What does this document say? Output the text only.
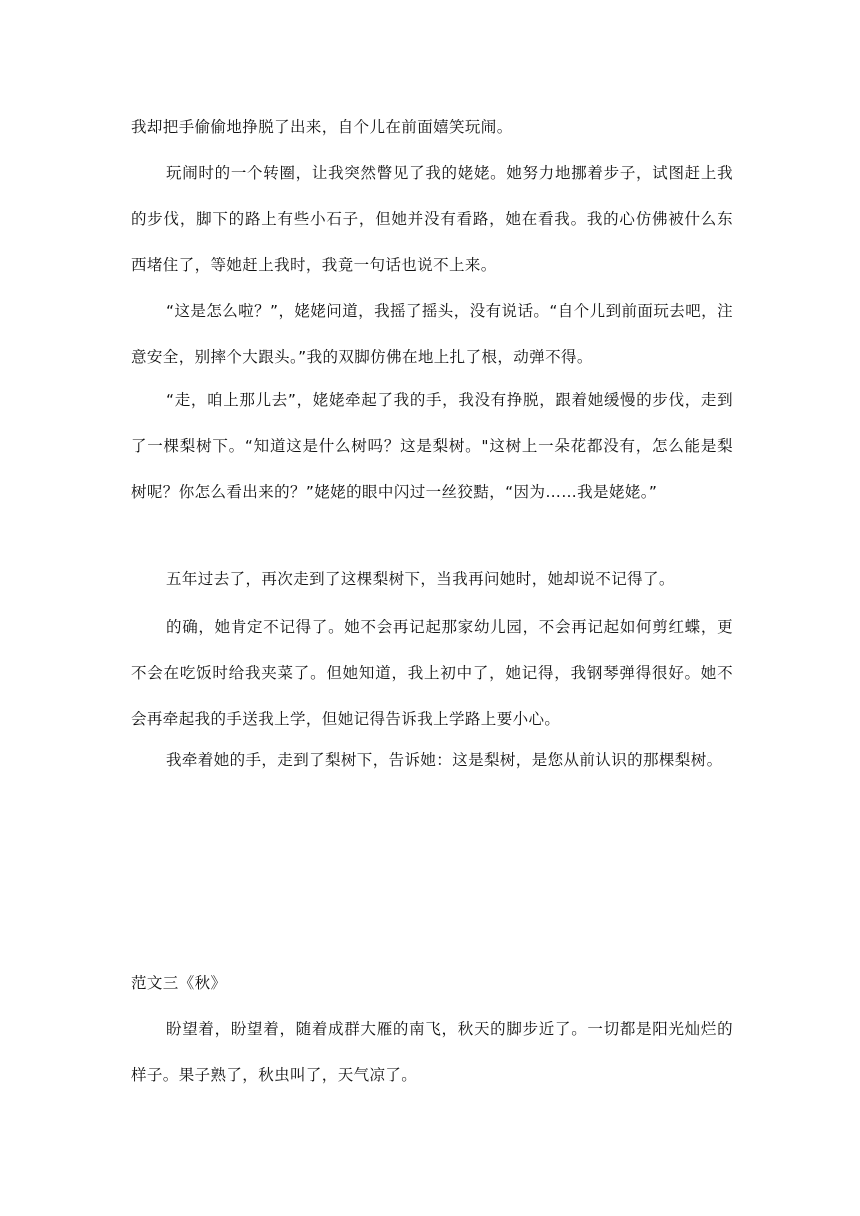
我却把手偷偷地挣脱了出来，自个儿在前面嬉笑玩闹。

玩闹时的一个转圈，让我突然瞥见了我的姥姥。她努力地挪着步子，试图赶上我的步伐，脚下的路上有些小石子，但她并没有看路，她在看我。我的心仿佛被什么东西堵住了，等她赶上我时，我竟一句话也说不上来。

“这是怎么啦？”，姥姥问道，我摇了摇头，没有说话。“自个儿到前面玩去吧，注意安全，别摔个大跟头。”我的双脚仿佛在地上扎了根，动弹不得。

“走，咱上那儿去”，姥姥牵起了我的手，我没有挣脱，跟着她缓慢的步伐，走到了一棵梨树下。“知道这是什么树吗？这是梨树。"这树上一朵花都没有，怎么能是梨树呢？你怎么看出来的？”姥姥的眼中闪过一丝狡黠，“因为……我是姥姥。”

五年过去了，再次走到了这棵梨树下，当我再问她时，她却说不记得了。

的确，她肯定不记得了。她不会再记起那家幼儿园，不会再记起如何剪红蝶，更不会在吃饭时给我夹菜了。但她知道，我上初中了，她记得，我钢琴弹得很好。她不会再牵起我的手送我上学，但她记得告诉我上学路上要小心。

我牵着她的手，走到了梨树下，告诉她：这是梨树，是您从前认识的那棵梨树。

范文三《秋》

盼望着，盼望着，随着成群大雁的南飞，秋天的脚步近了。一切都是阳光灿烂的样子。果子熟了，秋虫叫了，天气凉了。
